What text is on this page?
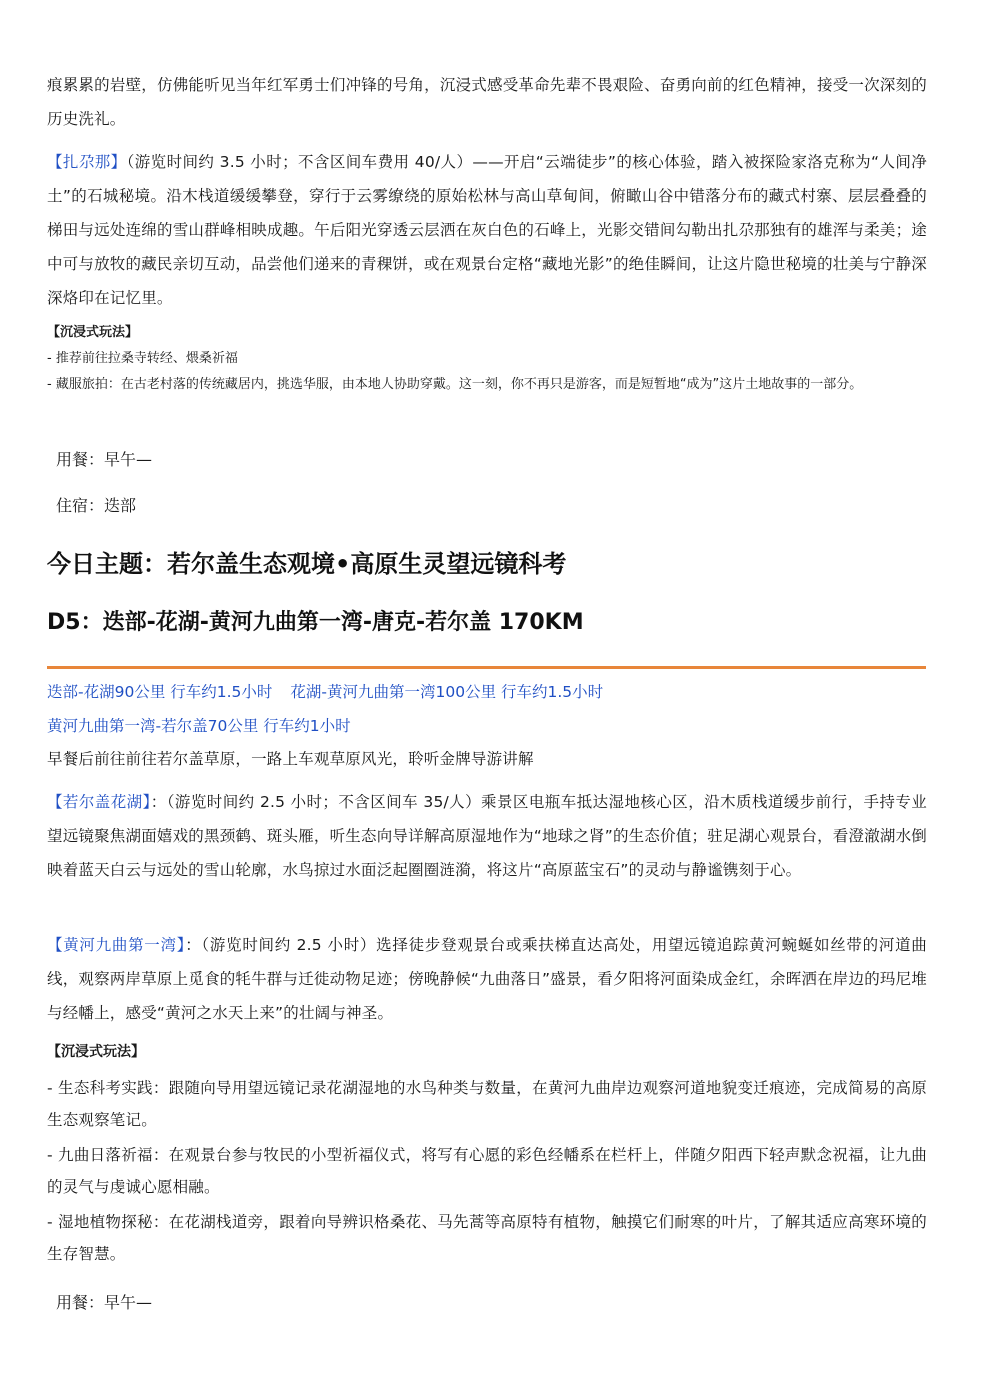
痕累累的岩壁，仿佛能听见当年红军勇士们冲锋的号角，沉浸式感受革命先辈不畏艰险、奋勇向前的红色精神，接受一次深刻的历史洗礼。

【扎尕那】（游览时间约 3.5 小时；不含区间车费用 40/人）——开启“云端徒步”的核心体验，踏入被探险家洛克称为“人间净土”的石城秘境。沿木栈道缓缓攀登，穿行于云雾缭绕的原始松林与高山草甸间，俯瞰山谷中错落分布的藏式村寨、层层叠叠的梯田与远处连绵的雪山群峰相映成趣。午后阳光穿透云层洒在灰白色的石峰上，光影交错间勾勒出扎尕那独有的雄浑与柔美；途中可与放牧的藏民亲切互动，品尝他们递来的青稞饼，或在观景台定格“藏地光影”的绝佳瞬间，让这片隐世秘境的壮美与宁静深深烙印在记忆里。

【沉浸式玩法】
- 推荐前往拉桑寺转经、煨桑祈福
- 藏服旅拍：在古老村落的传统藏居内，挑选华服，由本地人协助穿戴。这一刻，你不再只是游客，而是短暂地“成为”这片土地故事的一部分。
用餐：早午—
住宿：迭部
今日主题：若尔盖生态观境•高原生灵望远镜科考
D5：迭部-花湖-黄河九曲第一湾-唐克-若尔盖 170KM
迭部-花湖90公里 行车约1.5小时 花湖-黄河九曲第一湾100公里 行车约1.5小时
黄河九曲第一湾-若尔盖70公里 行车约1小时
早餐后前往前往若尔盖草原，一路上车观草原风光，聆听金牌导游讲解

【若尔盖花湖】：（游览时间约 2.5 小时；不含区间车 35/人）乘景区电瓶车抵达湿地核心区，沿木质栈道缓步前行，手持专业望远镜聚焦湖面嬉戏的黑颈鹤、斑头雁，听生态向导详解高原湿地作为“地球之肾”的生态价值；驻足湖心观景台，看澄澈湖水倒映着蓝天白云与远处的雪山轮廓，水鸟掠过水面泛起圈圈涟漪，将这片“高原蓝宝石”的灵动与静谧镌刻于心。

【黄河九曲第一湾】：（游览时间约 2.5 小时）选择徒步登观景台或乘扶梯直达高处，用望远镜追踪黄河蜿蜒如丝带的河道曲线，观察两岸草原上觅食的牦牛群与迁徙动物足迹；傍晚静候“九曲落日”盛景，看夕阳将河面染成金红，余晖洒在岸边的玛尼堆与经幡上，感受“黄河之水天上来”的壮阔与神圣。

【沉浸式玩法】

- 生态科考实践：跟随向导用望远镜记录花湖湿地的水鸟种类与数量，在黄河九曲岸边观察河道地貌变迁痕迹，完成简易的高原生态观察笔记。

- 九曲日落祈福：在观景台参与牧民的小型祈福仪式，将写有心愿的彩色经幡系在栏杆上，伴随夕阳西下轻声默念祝福，让九曲的灵气与虔诚心愿相融。

- 湿地植物探秘：在花湖栈道旁，跟着向导辨识格桑花、马先蒿等高原特有植物，触摸它们耐寒的叶片，了解其适应高寒环境的生存智慧。

用餐：早午—
